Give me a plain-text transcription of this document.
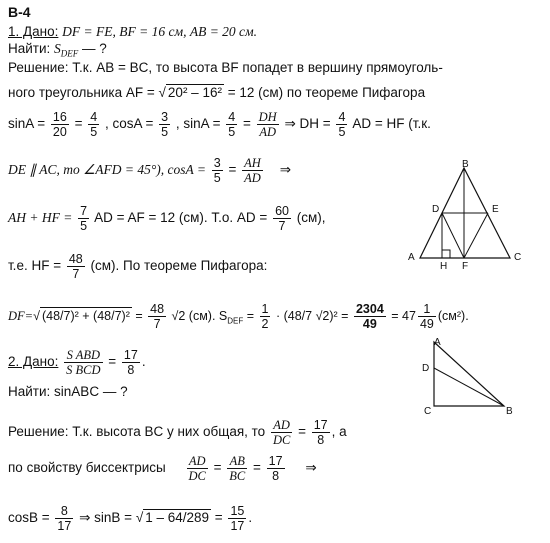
В-4
1. Дано: DF = FE, BF = 16 см, AB = 20 см.
Найти: $S_{DEF}$ — ?
Решение: Т.к. AB = BC, то высота BF попадет в вершину прямоуголь-
ного треугольника AF = √ 20² – 16² = 12 (см) по теореме Пифагора
$\sin A = \frac{16}{20} = \frac{4}{5}$ , $\cos A = \frac{3}{5}$ , $\sin A = \frac{4}{5} = \frac{DH}{AD}$ ⇒ DH = $\frac{4}{5}$ AD = HF (т.к.
DE ∥ AC, то ∠AFD = 45°), $\cos A = \frac{3}{5} = \frac{AH}{AD}$ ⇒
AH + HF = $\frac{7}{5}$ AD = AF = 12 (см). Т.о. AD = $\frac{60}{7} (см)$,
т.е. HF = $\frac{48}{7} (см)$. По теореме Пифагора:
DF=√ $(48/7)^2 + (48/7)^2 = \frac{48}{7} √2$ (см). $S_{DEF} = \frac{1}{2} \cdot (48/7$ $√2)^2 = \frac{2304}{49} = 47 \frac{1}{49} (см^2)$.
2. Дано: $\frac{\text{S ABD}}{\text{S BCD}} = \frac{17}{8}$ .
Найти: sinABC — ?
Решение: Т.к. высота BC у них общая, то $\frac{AD}{DC} = \frac{17}{8}$ , а
по свойству биссектрисы $\frac{AD}{DC} = \frac{AB}{BC} = \frac{17}{8}$ ⇒
$\cos B = \frac{8}{17}$ ⇒ sinB = √ $1 - 64/289 = \frac{15}{17}$ .
B
D	E
A
H F
C
A
D
C	B
